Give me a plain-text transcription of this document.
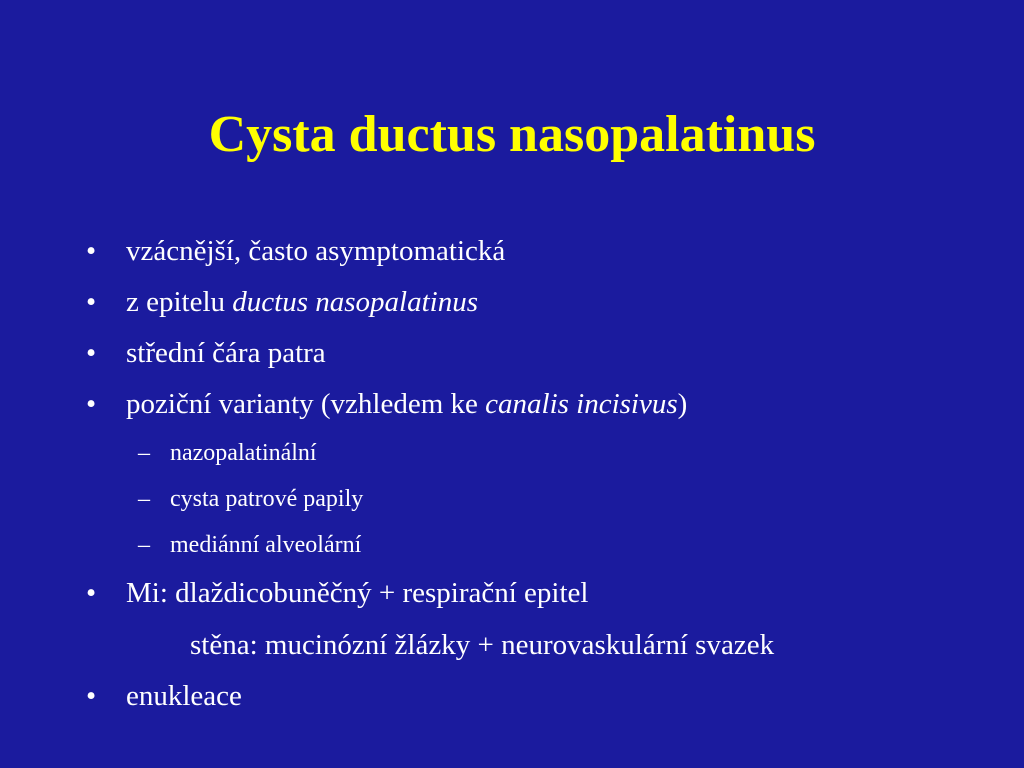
Cysta ductus nasopalatinus
• vzácnější, často asymptomatická
• z epitelu ductus nasopalatinus
• střední čára patra
• poziční varianty (vzhledem ke canalis incisivus)
– nazopalatinální
– cysta patrové papily
– mediánní alveolární
• Mi: dlaždicobuněčný + respirační epitel
stěna: mucinózní žlázky + neurovaskulární svazek
• enukleace
